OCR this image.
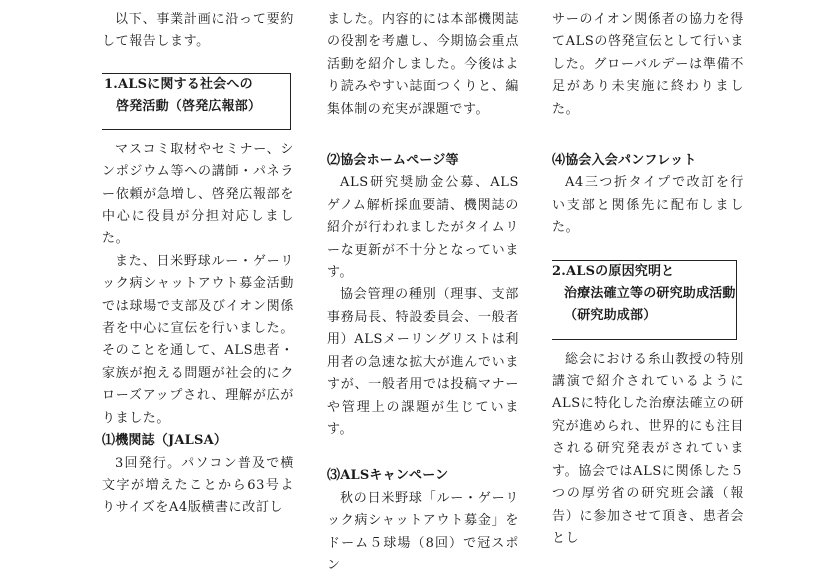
以下、事業計画に沿って要約して報告します。

1.ALSに関する社会への
啓発活動（啓発広報部）

マスコミ取材やセミナー、シンポジウム等への講師・パネラー依頼が急増し、啓発広報部を中心に役員が分担対応しました。

また、日米野球ルー・ゲーリック病シャットアウト募金活動では球場で支部及びイオン関係者を中心に宣伝を行いました。そのことを通して、ALS患者・家族が抱える問題が社会的にクローズアップされ、理解が広がりました。

⑴機関誌（JALSA）

3回発行。パソコン普及で横文字が増えたことから63号よりサイズをA4版横書に改訂し

ました。内容的には本部機関誌の役割を考慮し、今期協会重点活動を紹介しました。今後はより読みやすい誌面つくりと、編集体制の充実が課題です。

⑵協会ホームページ等

ALS研究奨励金公募、ALSゲノム解析採血要請、機関誌の紹介が行われましたがタイムリーな更新が不十分となっています。

協会管理の種別（理事、支部事務局長、特設委員会、一般者用）ALSメーリングリストは利用者の急速な拡大が進んでいますが、一般者用では投稿マナーや管理上の課題が生じています。

⑶ALSキャンペーン

秋の日米野球「ルー・ゲーリック病シャットアウト募金」をドーム５球場（8回）で冠スポン

サーのイオン関係者の協力を得てALSの啓発宣伝として行いました。グローバルデーは準備不足があり未実施に終わりました。

⑷協会入会パンフレット

A4三つ折タイプで改訂を行い支部と関係先に配布しました。

2.ALSの原因究明と
治療法確立等の研究助成活動
（研究助成部）

総会における糸山教授の特別講演で紹介されているようにALSに特化した治療法確立の研究が進められ、世界的にも注目される研究発表がされています。協会ではALSに関係した５つの厚労省の研究班会議（報告）に参加させて頂き、患者会とし
